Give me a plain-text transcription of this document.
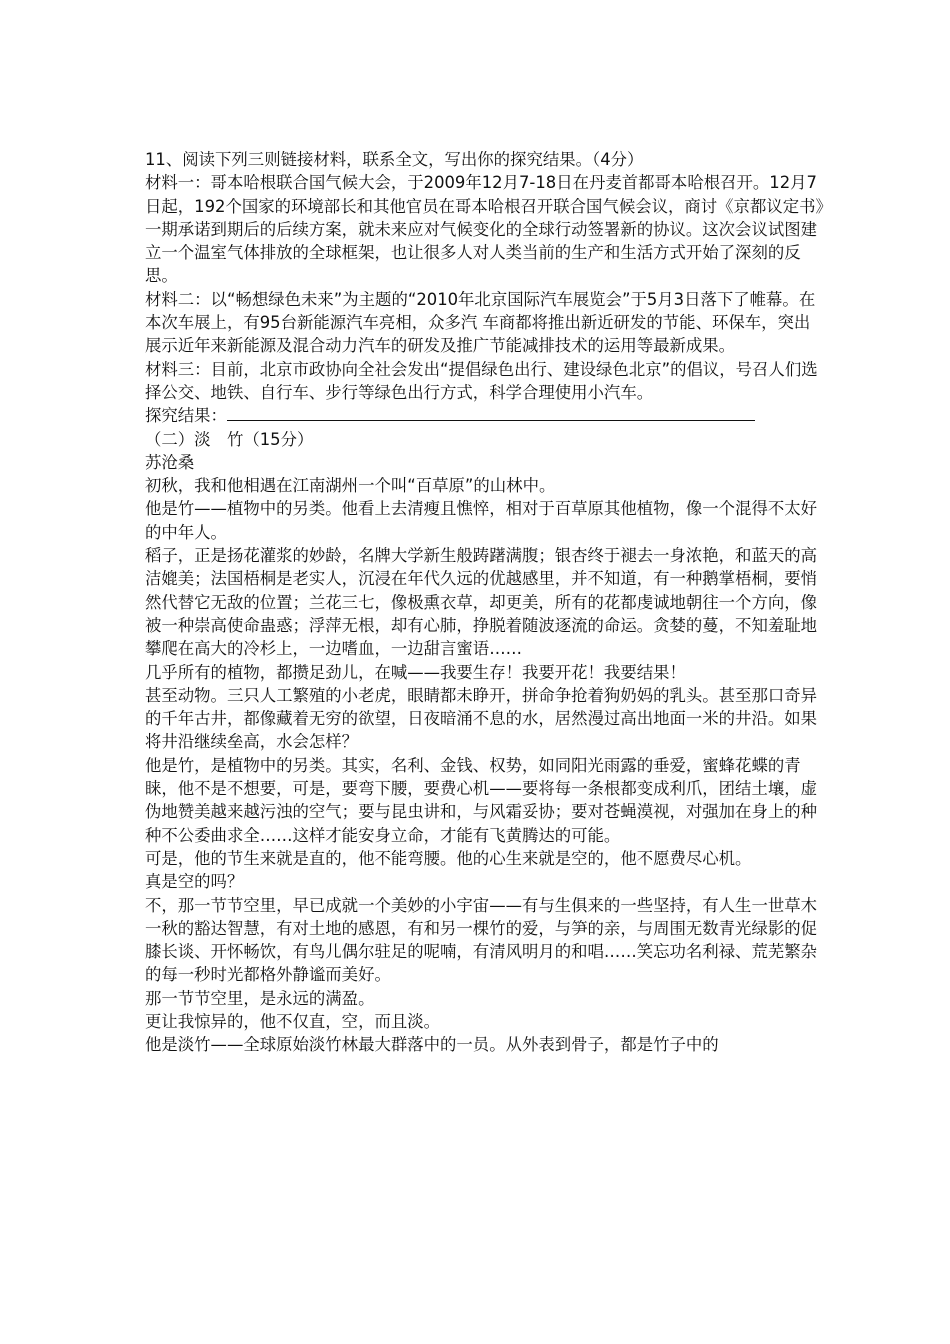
11、阅读下列三则链接材料，联系全文，写出你的探究结果。（4分）

材料一：哥本哈根联合国气候大会，于2009年12月7-18日在丹麦首都哥本哈根召开。12月7日起，192个国家的环境部长和其他官员在哥本哈根召开联合国气候会议，商讨《京都议定书》一期承诺到期后的后续方案，就未来应对气候变化的全球行动签署新的协议。这次会议试图建立一个温室气体排放的全球框架，也让很多人对人类当前的生产和生活方式开始了深刻的反思。

材料二：以“畅想绿色未来”为主题的“2010年北京国际汽车展览会”于5月3日落下了帷幕。在本次车展上，有95台新能源汽车亮相，众多汽 车商都将推出新近研发的节能、环保车，突出展示近年来新能源及混合动力汽车的研发及推广节能减排技术的运用等最新成果。

材料三：目前，北京市政协向全社会发出“提倡绿色出行、建设绿色北京”的倡议，号召人们选择公交、地铁、自行车、步行等绿色出行方式，科学合理使用小汽车。

探究结果：

（二）淡　竹（15分）

苏沧桑

初秋，我和他相遇在江南湖州一个叫“百草原”的山林中。

他是竹——植物中的另类。他看上去清瘦且憔悴，相对于百草原其他植物，像一个混得不太好的中年人。

稻子，正是扬花灌浆的妙龄，名牌大学新生般踌躇满腹；银杏终于褪去一身浓艳，和蓝天的高洁媲美；法国梧桐是老实人，沉浸在年代久远的优越感里，并不知道，有一种鹅掌梧桐，要悄然代替它无敌的位置；兰花三七，像极熏衣草，却更美，所有的花都虔诚地朝往一个方向，像被一种崇高使命蛊惑；浮萍无根，却有心肺，挣脱着随波逐流的命运。贪婪的蔓，不知羞耻地攀爬在高大的冷杉上，一边嗜血，一边甜言蜜语……

几乎所有的植物，都攒足劲儿，在喊——我要生存！我要开花！我要结果！

甚至动物。三只人工繁殖的小老虎，眼睛都未睁开，拼命争抢着狗奶妈的乳头。甚至那口奇异的千年古井，都像藏着无穷的欲望，日夜暗涌不息的水，居然漫过高出地面一米的井沿。如果将井沿继续垒高，水会怎样？

他是竹，是植物中的另类。其实，名利、金钱、权势，如同阳光雨露的垂爱，蜜蜂花蝶的青睐，他不是不想要，可是，要弯下腰，要费心机——要将每一条根都变成利爪，团结土壤，虚伪地赞美越来越污浊的空气；要与昆虫讲和，与风霜妥协；要对苍蝇漠视，对强加在身上的种种不公委曲求全……这样才能安身立命，才能有飞黄腾达的可能。

可是，他的节生来就是直的，他不能弯腰。他的心生来就是空的，他不愿费尽心机。

真是空的吗？

不，那一节节空里，早已成就一个美妙的小宇宙——有与生俱来的一些坚持，有人生一世草木一秋的豁达智慧，有对土地的感恩，有和另一棵竹的爱，与笋的亲，与周围无数青光绿影的促膝长谈、开怀畅饮，有鸟儿偶尔驻足的呢喃，有清风明月的和唱……笑忘功名利禄、荒芜繁杂的每一秒时光都格外静谧而美好。

那一节节空里，是永远的满盈。

更让我惊异的，他不仅直，空，而且淡。

他是淡竹——全球原始淡竹林最大群落中的一员。从外表到骨子，都是竹子中的
